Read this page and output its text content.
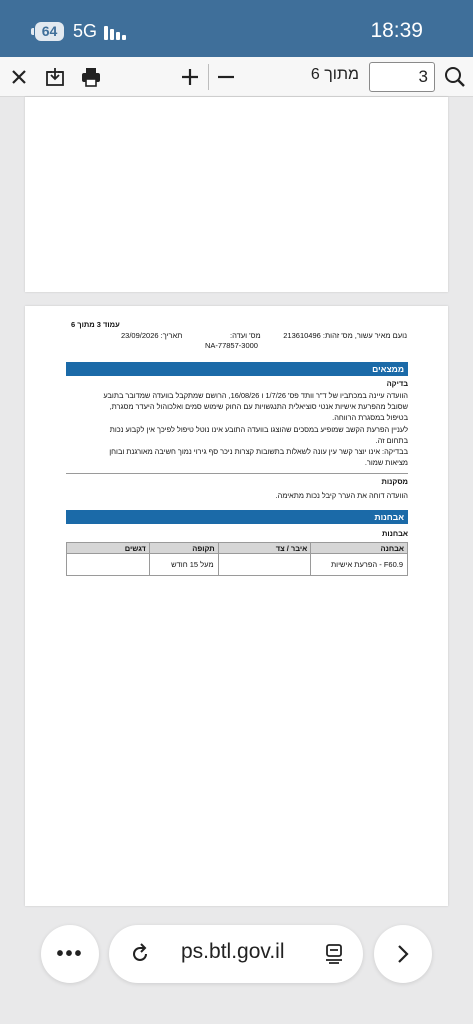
64 5G	18:39
מתוך 6
3
עמוד 3 מתוך 6
נועם מאיר עשור, מס' זהות: 213610496
תאריך: 23/09/2026	מס' ועדה:
NA-77857-3000
ממצאים
בדיקה
הוועדה עיינה במכתביו של ד"ר וותד פס' 1/7/26 ו 16/08/26, הרושם שמתקבל בוועדה שמדובר בתובע
שסובל מהפרעת אישיות אנטי סוציאלית התנגשויות עם החוק שימוש סמים ואלכוהול היעדר מסגרת,
בטיפול במסגרת הרווחה.
לעניין הפרעת הקשב שמופיע במסכים שהוצגו בוועדה התובע אינו נוטל טיפול לפיכך אין לקבוע נכות
בתחום זה.
בבדיקה: אינו יוצר קשר עין עונה לשאלות בתשובות קצרות ניכר סף גירוי נמוך חשיבה מאורגנת ובוחן
מציאות שמור.
מסקנות
הוועדה דוחה את הערר קיבל נכות מתאימה.
אבחנות
אבחנות
אבחנה	איבר / צד	תקופה	דגשים
F60.9 - הפרעת אישיות		מעל 15 חודש	
•••	ps.btl.gov.il
